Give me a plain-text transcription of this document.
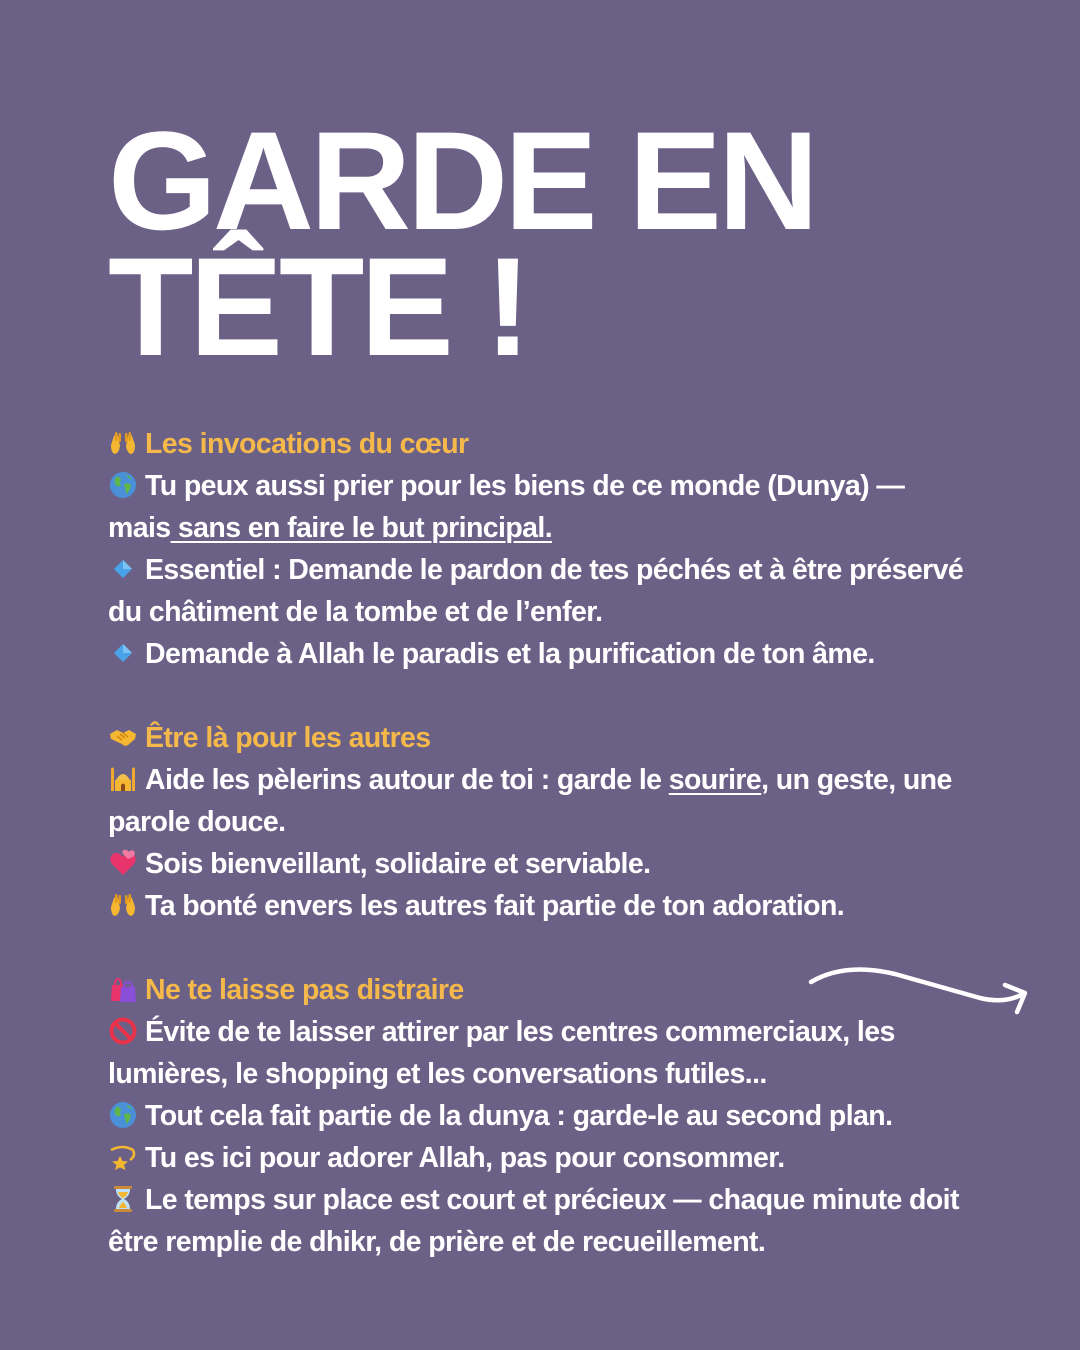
GARDE EN
TÊTE !
Les invocations du cœur
Tu peux aussi prier pour les biens de ce monde (Dunya) —
mais sans en faire le but principal.
Essentiel : Demande le pardon de tes péchés et à être préservé
du châtiment de la tombe et de l’enfer.
Demande à Allah le paradis et la purification de ton âme.
Être là pour les autres
Aide les pèlerins autour de toi : garde le sourire, un geste, une
parole douce.
Sois bienveillant, solidaire et serviable.
Ta bonté envers les autres fait partie de ton adoration.
Ne te laisse pas distraire
Évite de te laisser attirer par les centres commerciaux, les
lumières, le shopping et les conversations futiles...
Tout cela fait partie de la dunya : garde-le au second plan.
Tu es ici pour adorer Allah, pas pour consommer.
Le temps sur place est court et précieux — chaque minute doit
être remplie de dhikr, de prière et de recueillement.
